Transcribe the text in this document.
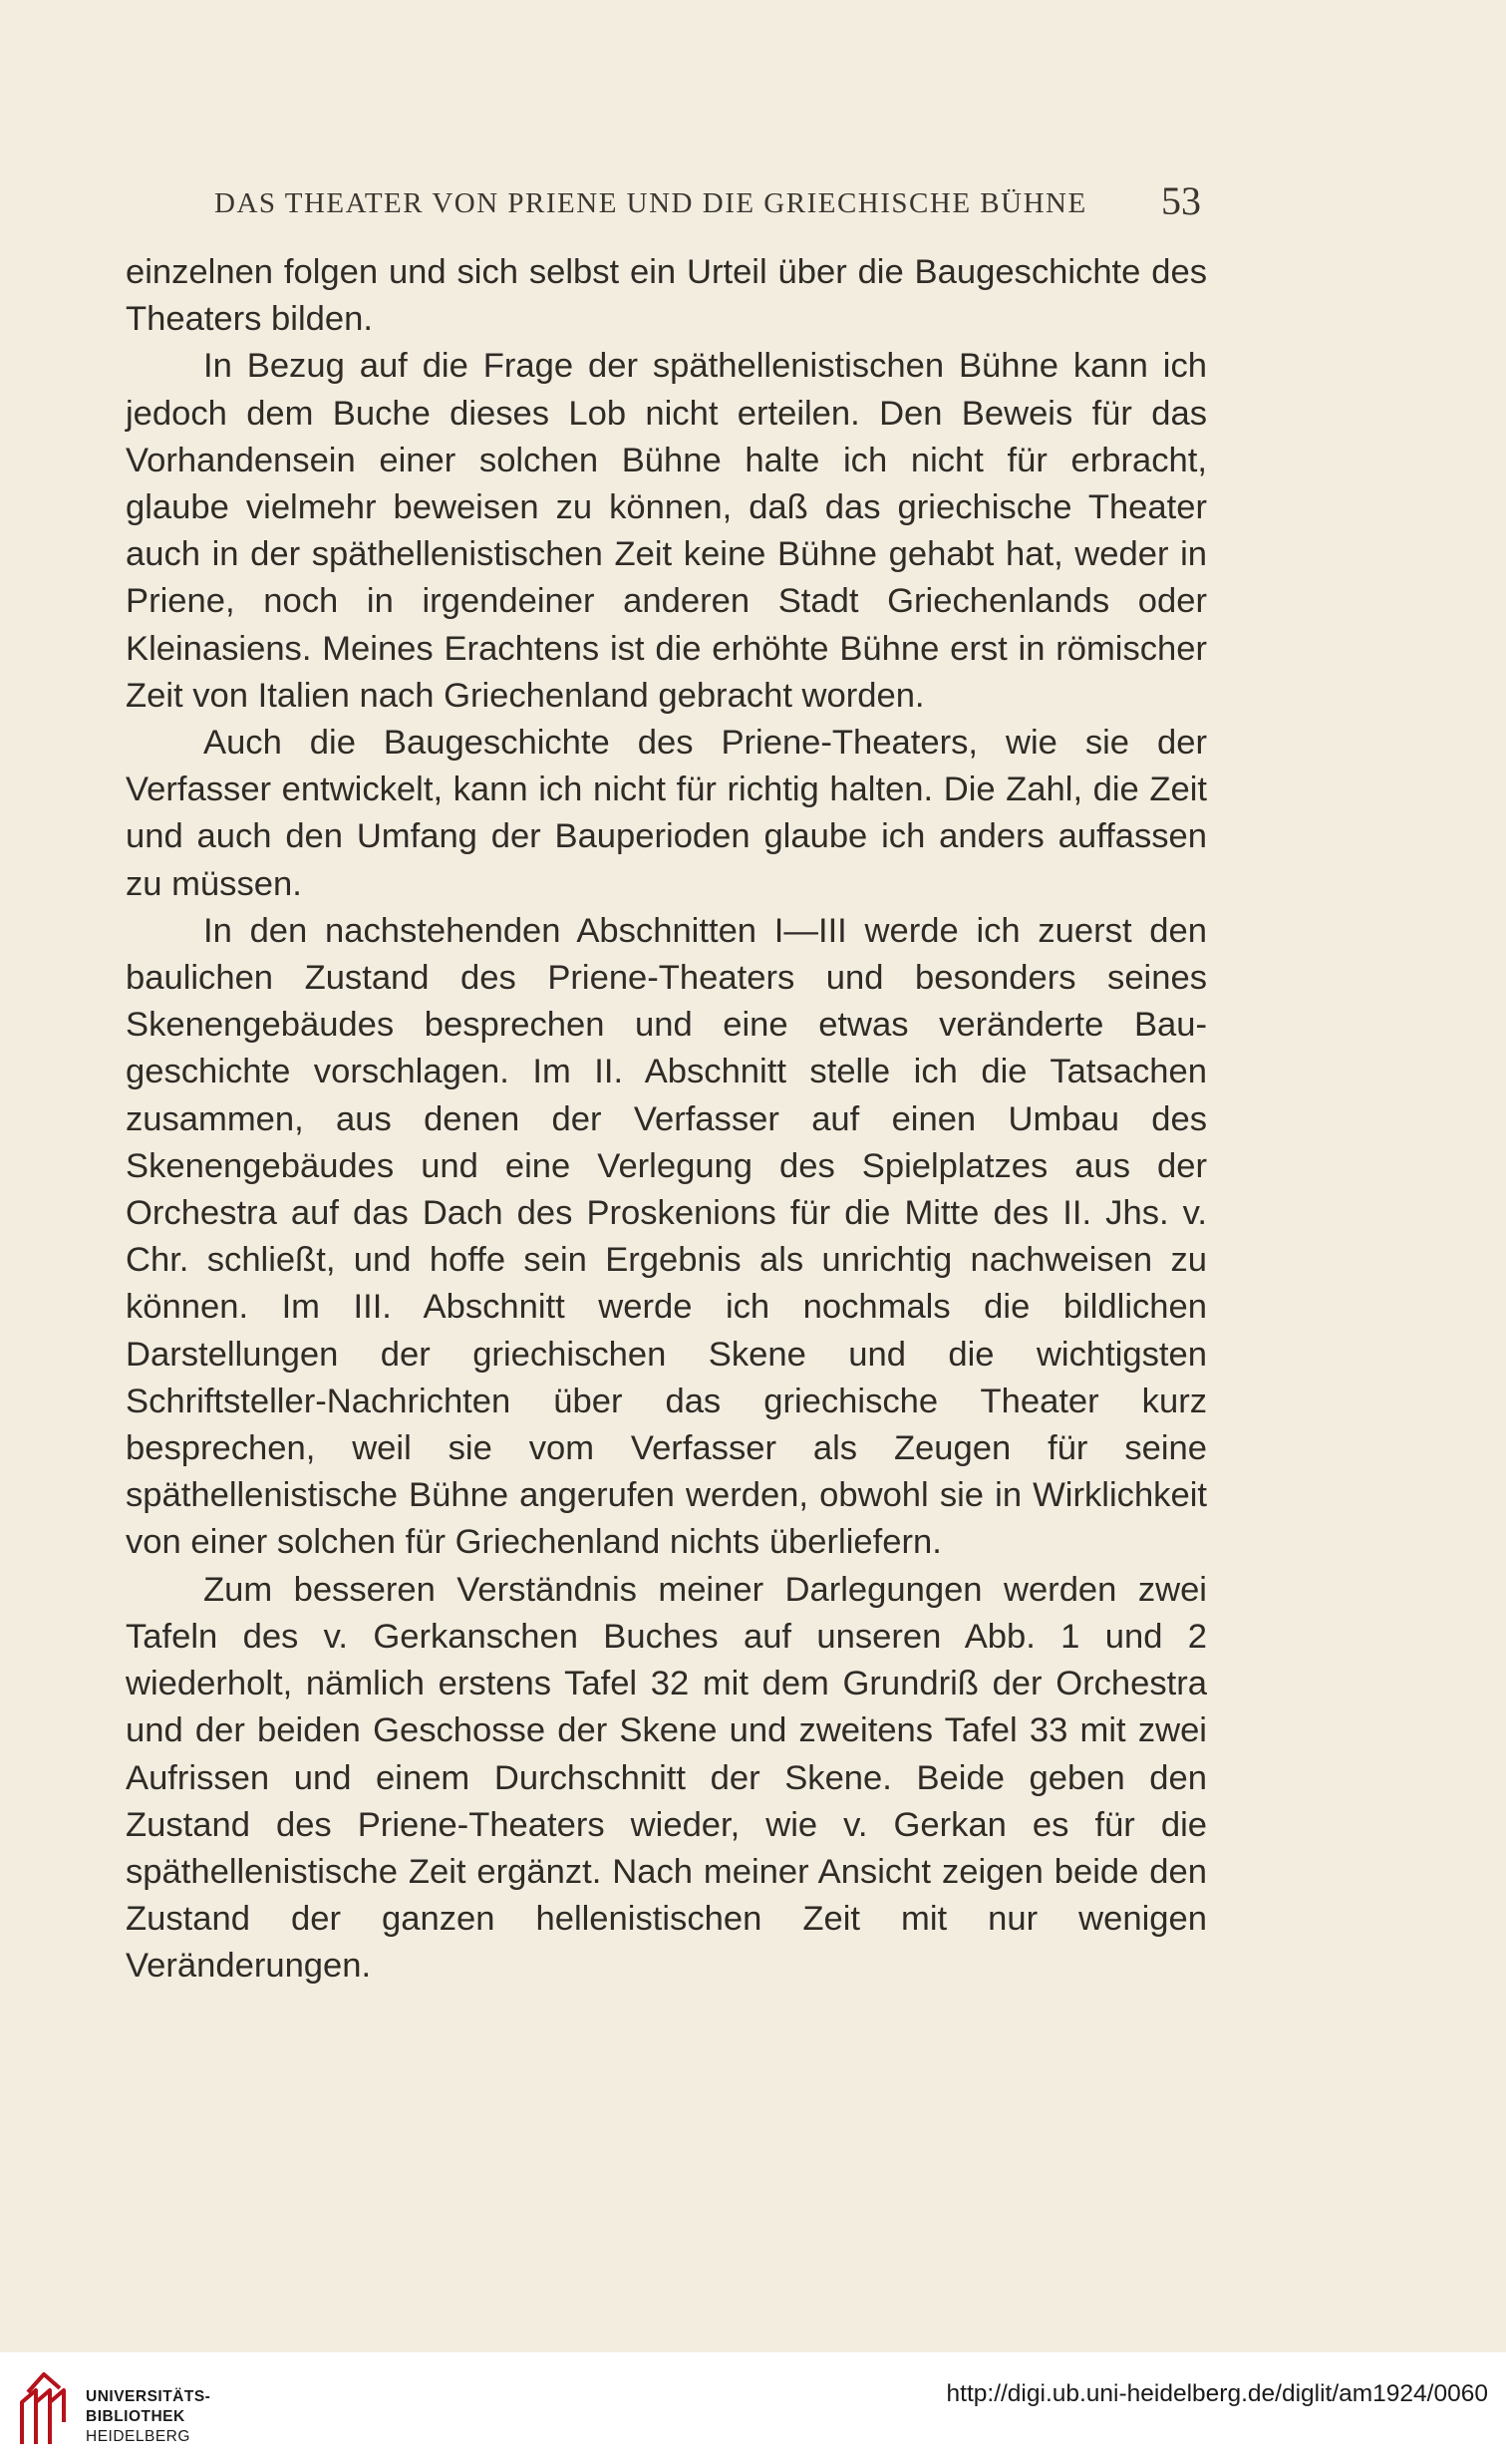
DAS THEATER VON PRIENE UND DIE GRIECHISCHE BÜHNE 53

einzelnen folgen und sich selbst ein Urteil über die Baugeschichte des Theaters bilden.

In Bezug auf die Frage der späthellenistischen Bühne kann ich jedoch dem Buche dieses Lob nicht erteilen. Den Beweis für das Vorhandensein einer solchen Bühne halte ich nicht für erbracht, glaube vielmehr beweisen zu können, daß das griechische Theater auch in der späthellenistischen Zeit keine Bühne gehabt hat, weder in Priene, noch in irgendeiner anderen Stadt Griechenlands oder Kleinasiens. Meines Erachtens ist die erhöhte Bühne erst in römischer Zeit von Italien nach Griechenland gebracht worden.

Auch die Baugeschichte des Priene-Theaters, wie sie der Verfasser entwickelt, kann ich nicht für richtig halten. Die Zahl, die Zeit und auch den Umfang der Bauperioden glaube ich anders auffassen zu müssen.

In den nachstehenden Abschnitten I—III werde ich zuerst den baulichen Zustand des Priene-Theaters und besonders seines Skenengebäudes besprechen und eine etwas veränderte Baugeschichte vorschlagen. Im II. Abschnitt stelle ich die Tatsachen zusammen, aus denen der Verfasser auf einen Umbau des Skenengebäudes und eine Verlegung des Spielplatzes aus der Orchestra auf das Dach des Proskenions für die Mitte des II. Jhs. v. Chr. schließt, und hoffe sein Ergebnis als unrichtig nachweisen zu können. Im III. Abschnitt werde ich nochmals die bildlichen Darstellungen der griechischen Skene und die wichtigsten Schriftsteller-Nachrichten über das griechische Theater kurz besprechen, weil sie vom Verfasser als Zeugen für seine späthellenistische Bühne angerufen werden, obwohl sie in Wirklichkeit von einer solchen für Griechenland nichts überliefern.

Zum besseren Verständnis meiner Darlegungen werden zwei Tafeln des v. Gerkanschen Buches auf unseren Abb. 1 und 2 wiederholt, nämlich erstens Tafel 32 mit dem Grundriß der Orchestra und der beiden Geschosse der Skene und zweitens Tafel 33 mit zwei Aufrissen und einem Durchschnitt der Skene. Beide geben den Zustand des Priene-Theaters wieder, wie v. Gerkan es für die späthellenistische Zeit ergänzt. Nach meiner Ansicht zeigen beide den Zustand der ganzen hellenistischen Zeit mit nur wenigen Veränderungen.

UNIVERSITÄTS-
BIBLIOTHEK
HEIDELBERG
http://digi.ub.uni-heidelberg.de/diglit/am1924/0060
